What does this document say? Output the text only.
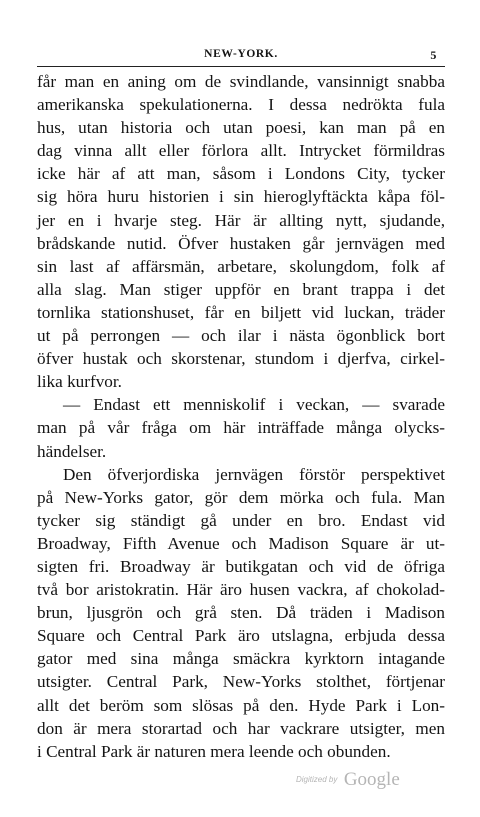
NEW-YORK.	5
får man en aning om de svindlande, vansinnigt snabba
amerikanska spekulationerna. I dessa nedrökta fula
hus, utan historia och utan poesi, kan man på en
dag vinna allt eller förlora allt. Intrycket förmildras
icke här af att man, såsom i Londons City, tycker
sig höra huru historien i sin hieroglyftäckta kåpa föl-
jer en i hvarje steg. Här är allting nytt, sjudande,
brådskande nutid. Öfver hustaken går jernvägen med
sin last af affärsmän, arbetare, skolungdom, folk af
alla slag. Man stiger uppför en brant trappa i det
tornlika stationshuset, får en biljett vid luckan, träder
ut på perrongen — och ilar i nästa ögonblick bort
öfver hustak och skorstenar, stundom i djerfva, cirkel-
lika kurfvor.
— Endast ett menniskolif i veckan, — svarade
man på vår fråga om här inträffade många olycks-
händelser.
Den öfverjordiska jernvägen förstör perspektivet
på New-Yorks gator, gör dem mörka och fula. Man
tycker sig ständigt gå under en bro. Endast vid
Broadway, Fifth Avenue och Madison Square är ut-
sigten fri. Broadway är butikgatan och vid de öfriga
två bor aristokratin. Här äro husen vackra, af chokolad-
brun, ljusgrön och grå sten. Då träden i Madison
Square och Central Park äro utslagna, erbjuda dessa
gator med sina många smäckra kyrktorn intagande
utsigter. Central Park, New-Yorks stolthet, förtjenar
allt det beröm som slösas på den. Hyde Park i Lon-
don är mera storartad och har vackrare utsigter, men
i Central Park är naturen mera leende och obunden.
Digitized by Google
